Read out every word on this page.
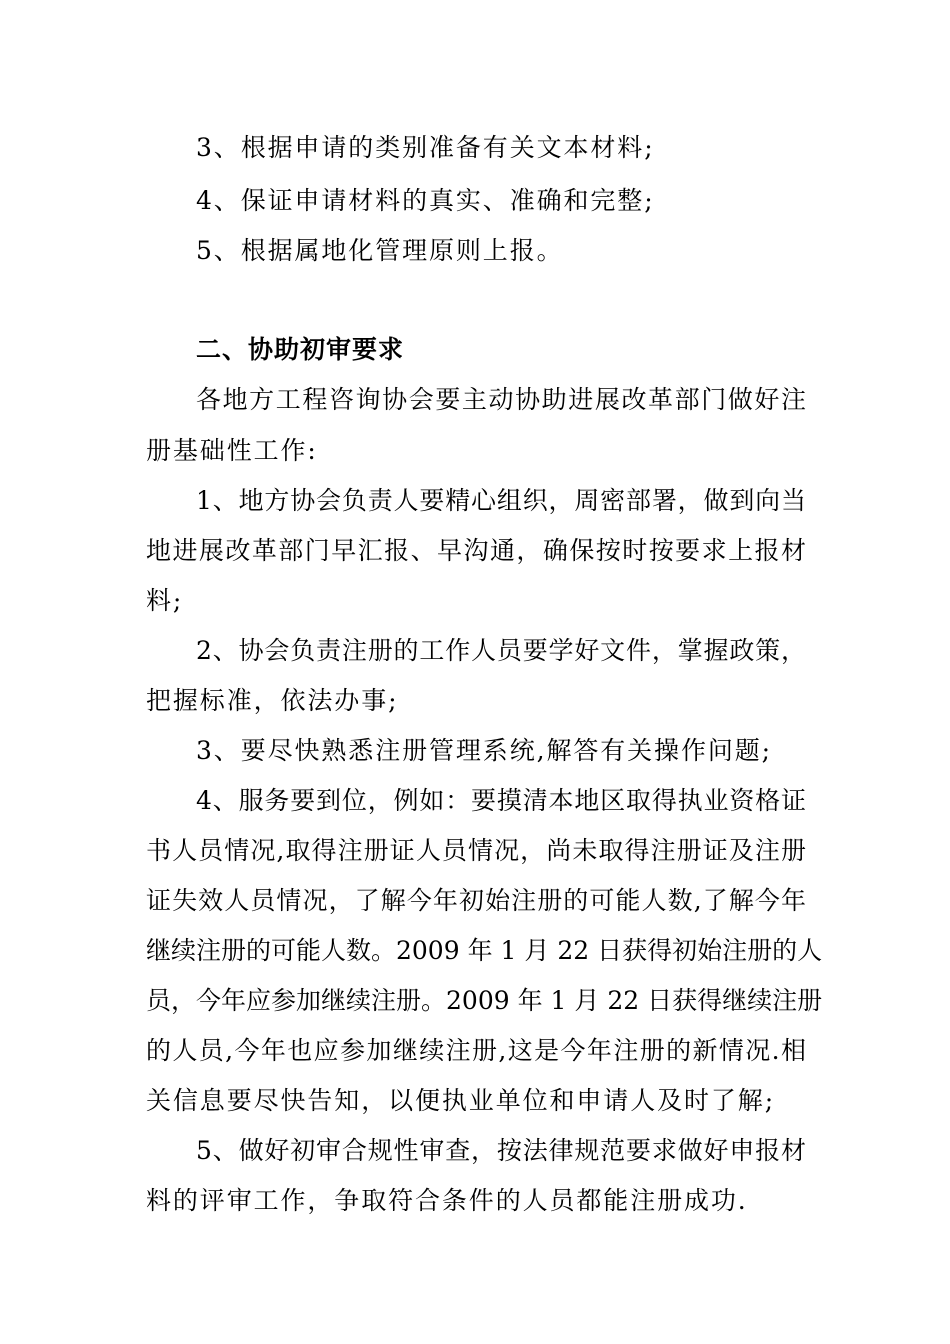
3、根据申请的类别准备有关文本材料;
4、保证申请材料的真实、准确和完整;
5、根据属地化管理原则上报。
二、协助初审要求
各地方工程咨询协会要主动协助进展改革部门做好注
册基础性工作:
1、地方协会负责人要精心组织，周密部署，做到向当
地进展改革部门早汇报、早沟通，确保按时按要求上报材
料;
2、协会负责注册的工作人员要学好文件，掌握政策，
把握标准，依法办事;
3、要尽快熟悉注册管理系统,解答有关操作问题;
4、服务要到位，例如：要摸清本地区取得执业资格证
书人员情况,取得注册证人员情况，尚未取得注册证及注册
证失效人员情况，了解今年初始注册的可能人数,了解今年
继续注册的可能人数。2009 年 1 月 22 日获得初始注册的人
员，今年应参加继续注册。2009 年 1 月 22 日获得继续注册
的人员,今年也应参加继续注册,这是今年注册的新情况.相
关信息要尽快告知，以便执业单位和申请人及时了解;
5、做好初审合规性审查，按法律规范要求做好申报材
料的评审工作，争取符合条件的人员都能注册成功.
